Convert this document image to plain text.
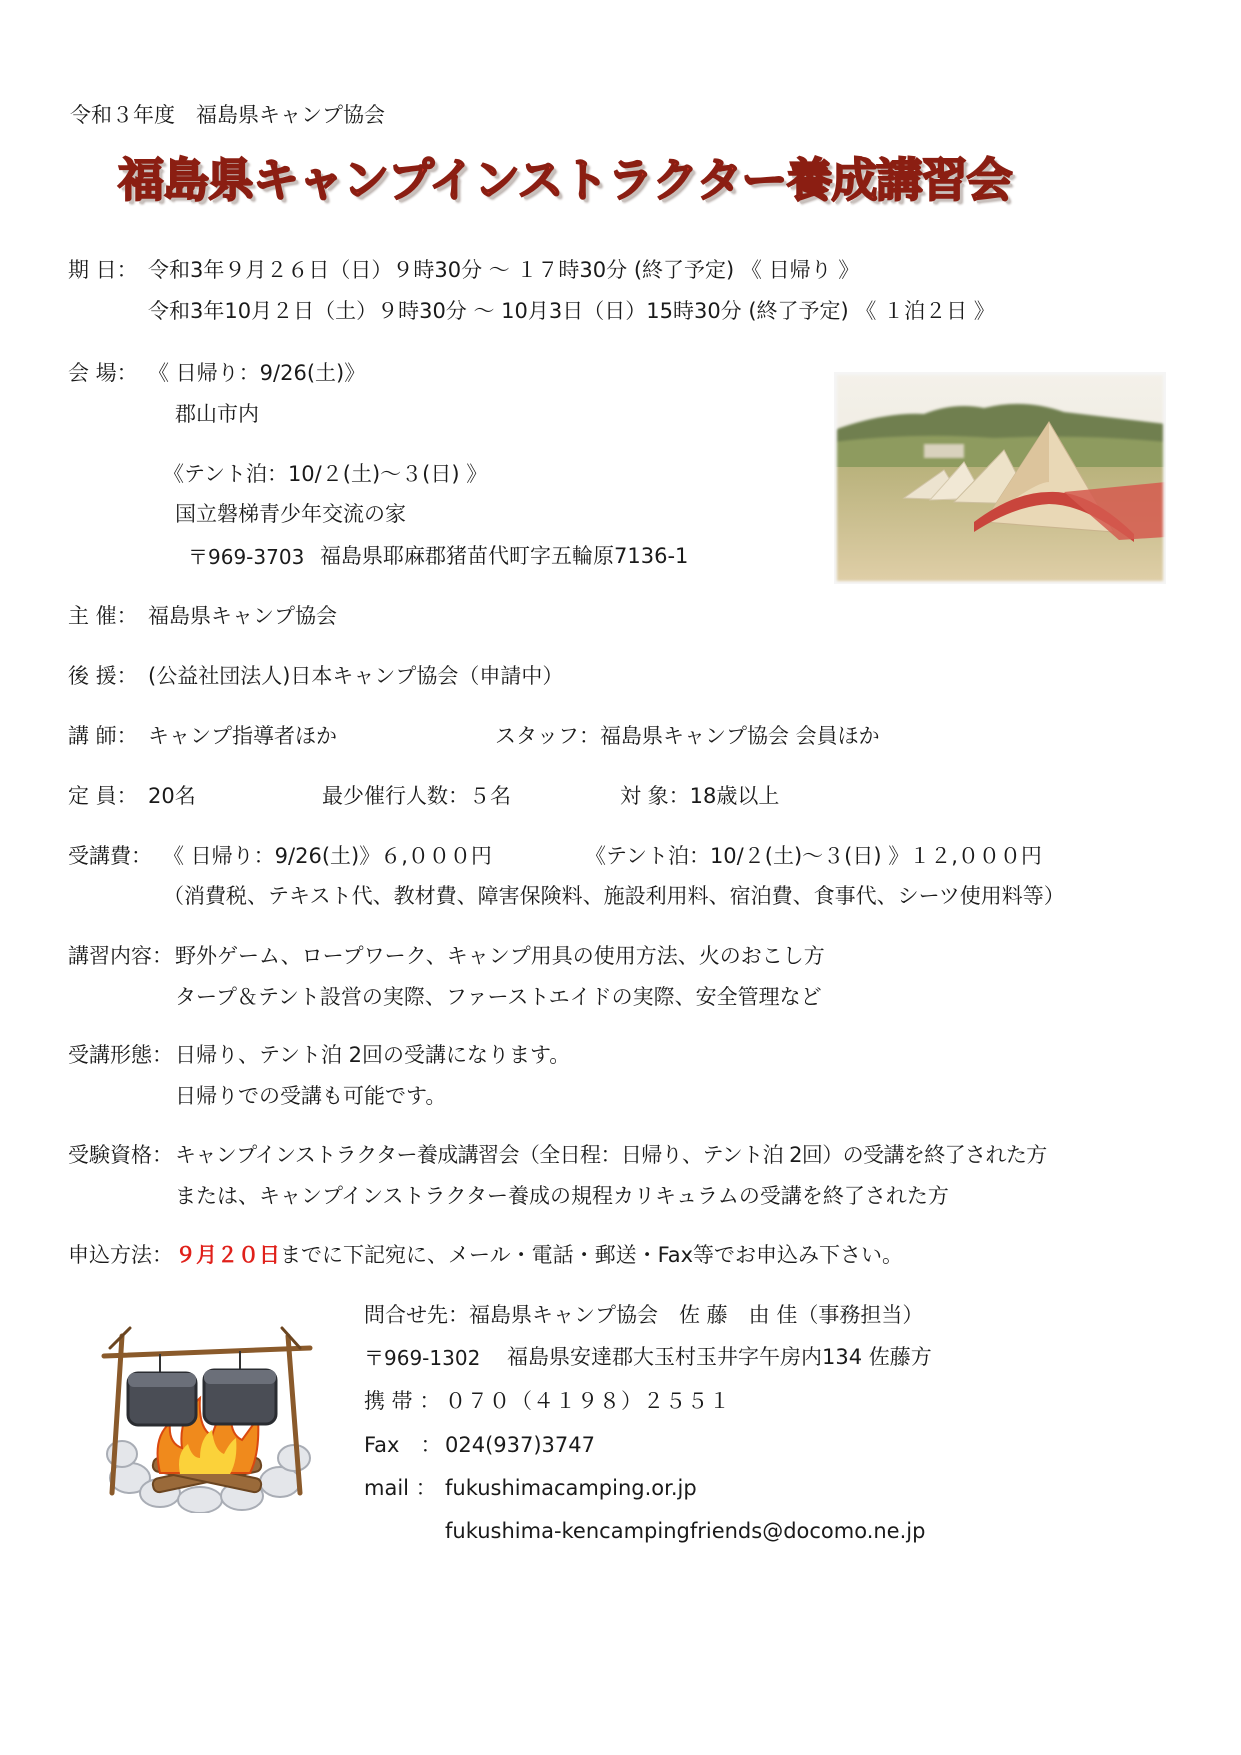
令和３年度　福島県キャンプ協会
福島県キャンプインストラクター養成講習会
期 日： 令和3年９月２６日（日）９時30分 ～ １７時30分 (終了予定) 《 日帰り 》
令和3年10月２日（土）９時30分 ～ 10月3日（日）15時30分 (終了予定) 《 １泊２日 》
会 場： 《 日帰り：9/26(土)》
郡山市内
《テント泊：10/２(土)～３(日) 》
国立磐梯青少年交流の家
〒969-3703 福島県耶麻郡猪苗代町字五輪原7136-1
主 催： 福島県キャンプ協会
後 援： (公益社団法人)日本キャンプ協会（申請中）
講 師： キャンプ指導者ほか	スタッフ：福島県キャンプ協会 会員ほか
定 員： 20名	最少催行人数：５名	対 象：18歳以上
受講費： 《 日帰り：9/26(土)》６,０００円	《テント泊：10/２(土)～３(日) 》１２,０００円
（消費税、テキスト代、教材費、障害保険料、施設利用料、宿泊費、食事代、シーツ使用料等）
講習内容： 野外ゲーム、ロープワーク、キャンプ用具の使用方法、火のおこし方
タープ＆テント設営の実際、ファーストエイドの実際、安全管理など
受講形態： 日帰り、テント泊 2回の受講になります。
日帰りでの受講も可能です。
受験資格： キャンプインストラクター養成講習会（全日程：日帰り、テント泊 2回）の受講を終了された方
または、キャンプインストラクター養成の規程カリキュラムの受講を終了された方
申込方法： ９月２０日までに下記宛に、メール・電話・郵送・Fax等でお申込み下さい。
問合せ先：福島県キャンプ協会　佐 藤　由 佳（事務担当）
〒969-1302 福島県安達郡大玉村玉井字午房内134 佐藤方
携 帯 ： ０７０（４１９８）２５５１
Fax　： 024(937)3747
mail ： fukushimacamping.or.jp
fukushima-kencampingfriends@docomo.ne.jp
